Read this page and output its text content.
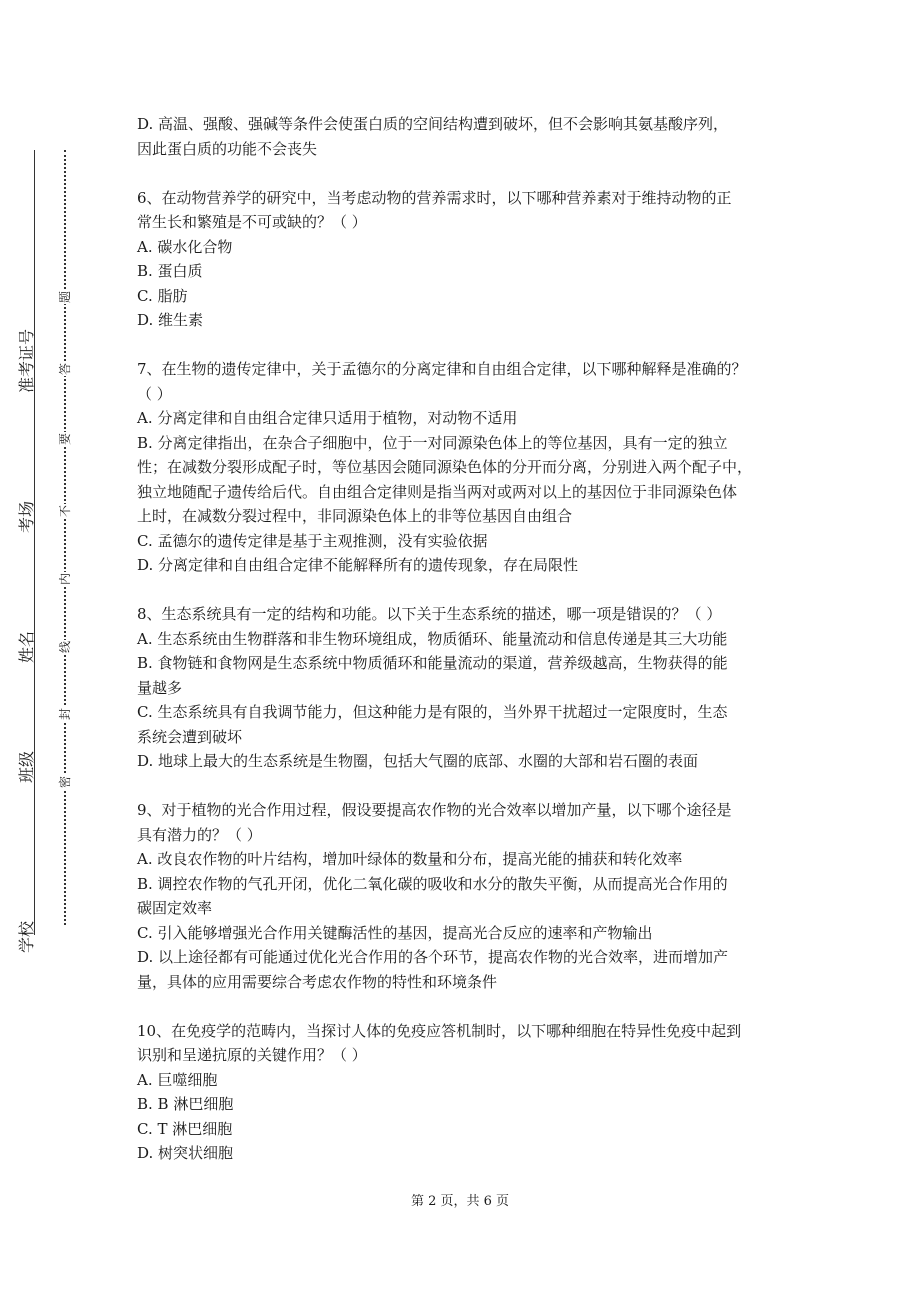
学校
班级
姓名
考场
准考证号
密
封
线
内
不
要
答
题
D. 高温、强酸、强碱等条件会使蛋白质的空间结构遭到破坏，但不会影响其氨基酸序列，
因此蛋白质的功能不会丧失
6、在动物营养学的研究中，当考虑动物的营养需求时，以下哪种营养素对于维持动物的正
常生长和繁殖是不可或缺的？（ ）
A. 碳水化合物
B. 蛋白质
C. 脂肪
D. 维生素
7、在生物的遗传定律中，关于孟德尔的分离定律和自由组合定律，以下哪种解释是准确的？
（ ）
A. 分离定律和自由组合定律只适用于植物，对动物不适用
B. 分离定律指出，在杂合子细胞中，位于一对同源染色体上的等位基因，具有一定的独立
性；在减数分裂形成配子时，等位基因会随同源染色体的分开而分离，分别进入两个配子中，
独立地随配子遗传给后代。自由组合定律则是指当两对或两对以上的基因位于非同源染色体
上时，在减数分裂过程中，非同源染色体上的非等位基因自由组合
C. 孟德尔的遗传定律是基于主观推测，没有实验依据
D. 分离定律和自由组合定律不能解释所有的遗传现象，存在局限性
8、生态系统具有一定的结构和功能。以下关于生态系统的描述，哪一项是错误的？（ ）
A. 生态系统由生物群落和非生物环境组成，物质循环、能量流动和信息传递是其三大功能
B. 食物链和食物网是生态系统中物质循环和能量流动的渠道，营养级越高，生物获得的能
量越多
C. 生态系统具有自我调节能力，但这种能力是有限的，当外界干扰超过一定限度时，生态
系统会遭到破坏
D. 地球上最大的生态系统是生物圈，包括大气圈的底部、水圈的大部和岩石圈的表面
9、对于植物的光合作用过程，假设要提高农作物的光合效率以增加产量，以下哪个途径是
具有潜力的？（ ）
A. 改良农作物的叶片结构，增加叶绿体的数量和分布，提高光能的捕获和转化效率
B. 调控农作物的气孔开闭，优化二氧化碳的吸收和水分的散失平衡，从而提高光合作用的
碳固定效率
C. 引入能够增强光合作用关键酶活性的基因，提高光合反应的速率和产物输出
D. 以上途径都有可能通过优化光合作用的各个环节，提高农作物的光合效率，进而增加产
量，具体的应用需要综合考虑农作物的特性和环境条件
10、在免疫学的范畴内，当探讨人体的免疫应答机制时，以下哪种细胞在特异性免疫中起到
识别和呈递抗原的关键作用？（ ）
A. 巨噬细胞
B. B 淋巴细胞
C. T 淋巴细胞
D. 树突状细胞
第 2 页，共 6 页
